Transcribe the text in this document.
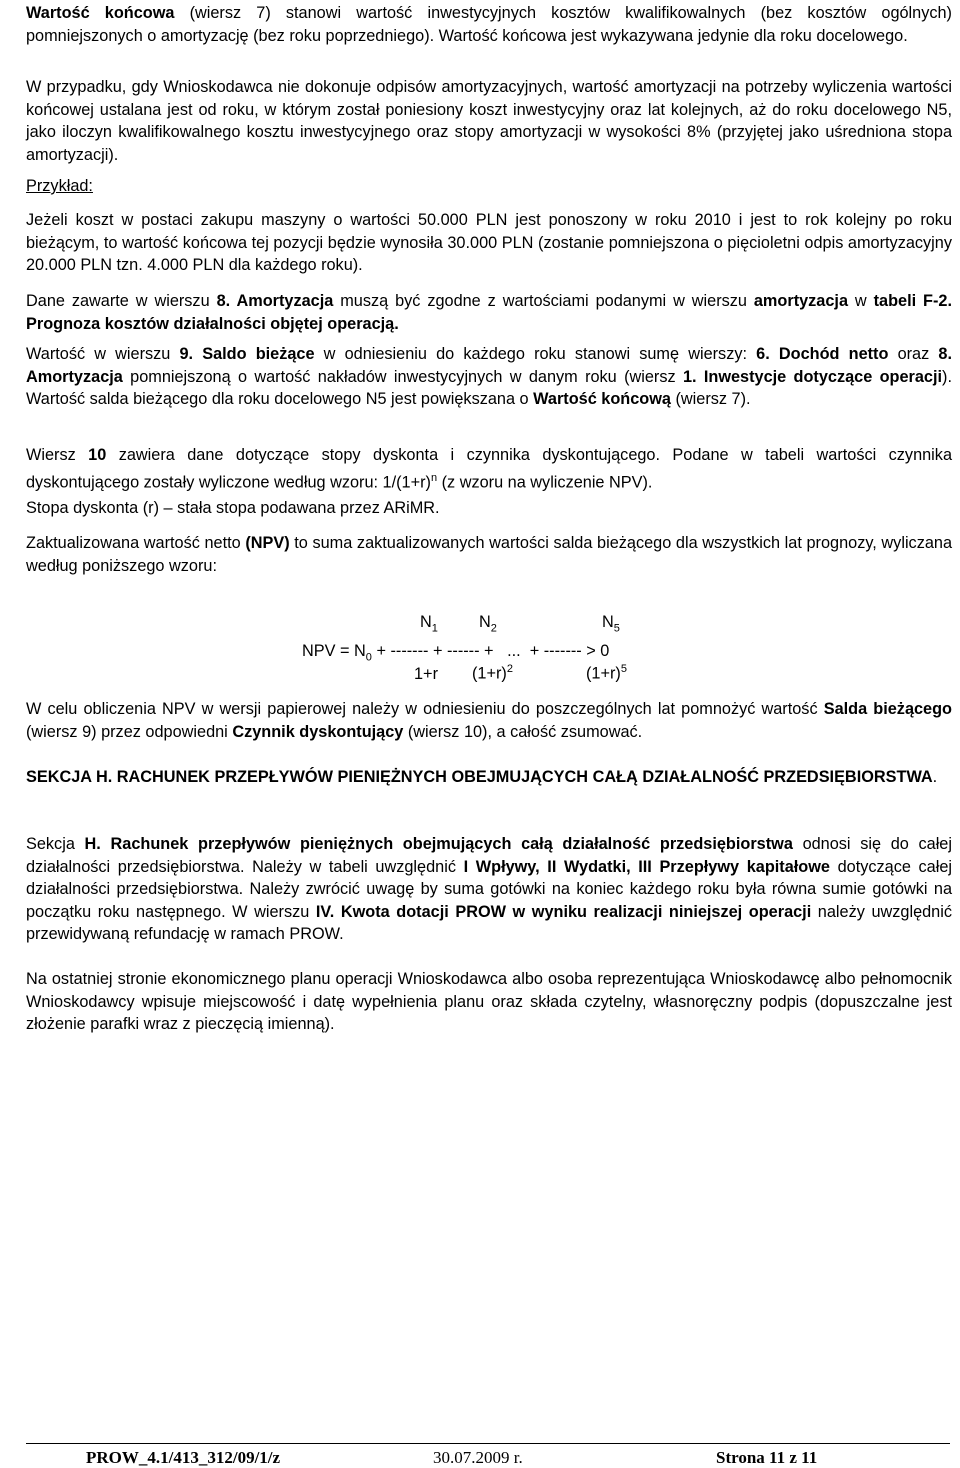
Wartość końcowa (wiersz 7) stanowi wartość inwestycyjnych kosztów kwalifikowalnych (bez kosztów ogólnych) pomniejszonych o amortyzację (bez roku poprzedniego). Wartość końcowa jest wykazywana jedynie dla roku docelowego.

W przypadku, gdy Wnioskodawca nie dokonuje odpisów amortyzacyjnych, wartość amortyzacji na potrzeby wyliczenia wartości końcowej ustalana jest od roku, w którym został poniesiony koszt inwestycyjny oraz lat kolejnych, aż do roku docelowego N5, jako iloczyn kwalifikowalnego kosztu inwestycyjnego oraz stopy amortyzacji w wysokości 8% (przyjętej jako uśredniona stopa amortyzacji).

Przykład:

Jeżeli koszt w postaci zakupu maszyny o wartości 50.000 PLN jest ponoszony w roku 2010 i jest to rok kolejny po roku bieżącym, to wartość końcowa tej pozycji będzie wynosiła 30.000 PLN (zostanie pomniejszona o pięcioletni odpis amortyzacyjny 20.000 PLN tzn. 4.000 PLN dla każdego roku).

Dane zawarte w wierszu 8. Amortyzacja muszą być zgodne z wartościami podanymi w wierszu amortyzacja w tabeli F-2. Prognoza kosztów działalności objętej operacją.

Wartość w wierszu 9. Saldo bieżące w odniesieniu do każdego roku stanowi sumę wierszy: 6. Dochód netto oraz 8. Amortyzacja pomniejszoną o wartość nakładów inwestycyjnych w danym roku (wiersz 1. Inwestycje dotyczące operacji). Wartość salda bieżącego dla roku docelowego N5 jest powiększana o Wartość końcową (wiersz 7).

Wiersz 10 zawiera dane dotyczące stopy dyskonta i czynnika dyskontującego. Podane w tabeli wartości czynnika dyskontującego zostały wyliczone według wzoru: $1/(1+r)^n$ (z wzoru na wyliczenie NPV).

Stopa dyskonta (r) – stała stopa podawana przez ARiMR.

Zaktualizowana wartość netto (NPV) to suma zaktualizowanych wartości salda bieżącego dla wszystkich lat prognozy, wyliczana według poniższego wzoru:

$N_1$	$N_2$	$N_5$
NPV = $N_0$ + ------- + ------ +   ...  + ------- > 0
1+r $(1+r)^2$	$(1+r)^5$

W celu obliczenia NPV w wersji papierowej należy w odniesieniu do poszczególnych lat pomnożyć wartość Salda bieżącego (wiersz 9) przez odpowiedni Czynnik dyskontujący (wiersz 10), a całość zsumować.

SEKCJA H. RACHUNEK PRZEPŁYWÓW PIENIĘŻNYCH OBEJMUJĄCYCH CAŁĄ DZIAŁALNOŚĆ PRZEDSIĘBIORSTWA.

Sekcja H. Rachunek przepływów pieniężnych obejmujących całą działalność przedsiębiorstwa odnosi się do całej działalności przedsiębiorstwa. Należy w tabeli uwzględnić I Wpływy, II Wydatki, III Przepływy kapitałowe dotyczące całej działalności przedsiębiorstwa. Należy zwrócić uwagę by suma gotówki na koniec każdego roku była równa sumie gotówki na początku roku następnego. W wierszu IV. Kwota dotacji PROW w wyniku realizacji niniejszej operacji należy uwzględnić przewidywaną refundację w ramach PROW.

Na ostatniej stronie ekonomicznego planu operacji Wnioskodawca albo osoba reprezentująca Wnioskodawcę albo pełnomocnik Wnioskodawcy wpisuje miejscowość i datę wypełnienia planu oraz składa czytelny, własnoręczny podpis (dopuszczalne jest złożenie parafki wraz z pieczęcią imienną).

PROW_4.1/413_312/09/1/z	30.07.2009 r.	Strona 11 z 11
